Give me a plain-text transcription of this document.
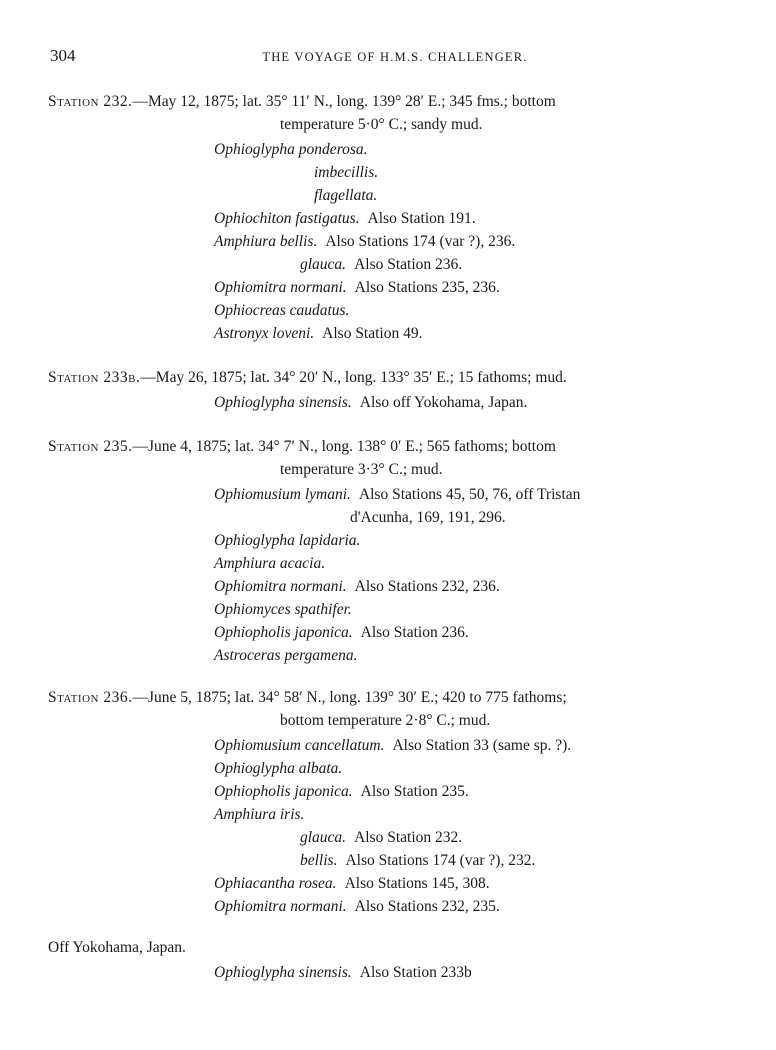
304	THE VOYAGE OF H.M.S. CHALLENGER.
Station 232.—May 12, 1875; lat. 35° 11′ N., long. 139° 28′ E.; 345 fms.; bottom
temperature 5·0° C.; sandy mud.
Ophioglypha ponderosa.
imbecillis.
flagellata.
Ophiochiton fastigatus. Also Station 191.
Amphiura bellis. Also Stations 174 (var ?), 236.
glauca. Also Station 236.
Ophiomitra normani. Also Stations 235, 236.
Ophiocreas caudatus.
Astronyx loveni. Also Station 49.
Station 233b.—May 26, 1875; lat. 34° 20′ N., long. 133° 35′ E.; 15 fathoms; mud.
Ophioglypha sinensis. Also off Yokohama, Japan.
Station 235.—June 4, 1875; lat. 34° 7′ N., long. 138° 0′ E.; 565 fathoms; bottom
temperature 3·3° C.; mud.
Ophiomusium lymani. Also Stations 45, 50, 76, off Tristan
d'Acunha, 169, 191, 296.
Ophioglypha lapidaria.
Amphiura acacia.
Ophiomitra normani. Also Stations 232, 236.
Ophiomyces spathifer.
Ophiopholis japonica. Also Station 236.
Astroceras pergamena.
Station 236.—June 5, 1875; lat. 34° 58′ N., long. 139° 30′ E.; 420 to 775 fathoms;
bottom temperature 2·8° C.; mud.
Ophiomusium cancellatum. Also Station 33 (same sp. ?).
Ophioglypha albata.
Ophiopholis japonica. Also Station 235.
Amphiura iris.
glauca. Also Station 232.
bellis. Also Stations 174 (var ?), 232.
Ophiacantha rosea. Also Stations 145, 308.
Ophiomitra normani. Also Stations 232, 235.
Off Yokohama, Japan.
Ophioglypha sinensis. Also Station 233b
